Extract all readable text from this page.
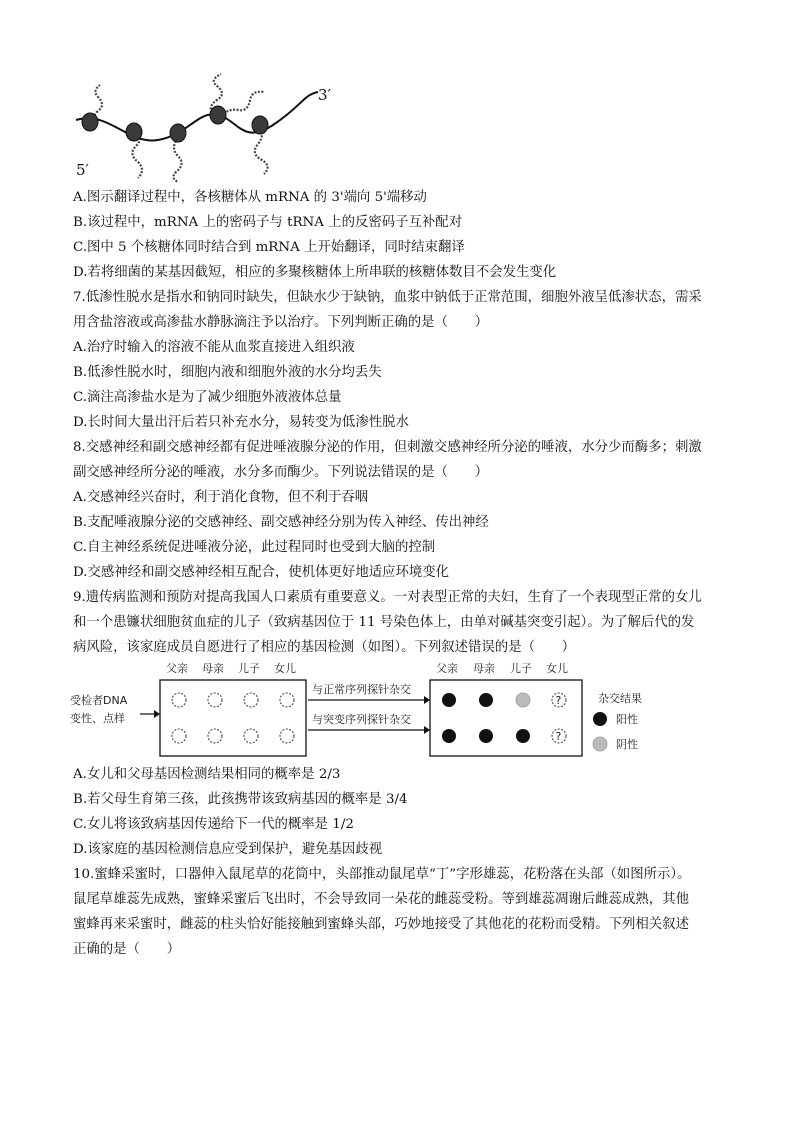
3′
5′
A.图示翻译过程中，各核糖体从 mRNA 的 3'端向 5'端移动
B.该过程中，mRNA 上的密码子与 tRNA 上的反密码子互补配对
C.图中 5 个核糖体同时结合到 mRNA 上开始翻译，同时结束翻译
D.若将细菌的某基因截短，相应的多聚核糖体上所串联的核糖体数目不会发生变化
7.低渗性脱水是指水和钠同时缺失，但缺水少于缺钠，血浆中钠低于正常范围，细胞外液呈低渗状态，需采
用含盐溶液或高渗盐水静脉滴注予以治疗。下列判断正确的是（　　）
A.治疗时输入的溶液不能从血浆直接进入组织液
B.低渗性脱水时，细胞内液和细胞外液的水分均丢失
C.滴注高渗盐水是为了减少细胞外液液体总量
D.长时间大量出汗后若只补充水分，易转变为低渗性脱水
8.交感神经和副交感神经都有促进唾液腺分泌的作用，但刺激交感神经所分泌的唾液，水分少而酶多；刺激
副交感神经所分泌的唾液，水分多而酶少。下列说法错误的是（　　）
A.交感神经兴奋时，利于消化食物，但不利于吞咽
B.支配唾液腺分泌的交感神经、副交感神经分别为传入神经、传出神经
C.自主神经系统促进唾液分泌，此过程同时也受到大脑的控制
D.交感神经和副交感神经相互配合，使机体更好地适应环境变化
9.遗传病监测和预防对提高我国人口素质有重要意义。一对表型正常的夫妇，生育了一个表现型正常的女儿
和一个患镰状细胞贫血症的儿子（致病基因位于 11 号染色体上，由单对碱基突变引起）。为了解后代的发
病风险，该家庭成员自愿进行了相应的基因检测（如图）。下列叙述错误的是（　　）
受检者DNA
变性、点样
父亲 母亲 儿子 女儿
与正常序列探针杂交
与突变序列探针杂交
父亲 母亲 儿子 女儿
?
?
杂交结果
阳性
阴性
A.女儿和父母基因检测结果相同的概率是 2/3
B.若父母生育第三孩，此孩携带该致病基因的概率是 3/4
C.女儿将该致病基因传递给下一代的概率是 1/2
D.该家庭的基因检测信息应受到保护，避免基因歧视
10.蜜蜂采蜜时，口器伸入鼠尾草的花筒中，头部推动鼠尾草“丁”字形雄蕊，花粉落在头部（如图所示）。
鼠尾草雄蕊先成熟，蜜蜂采蜜后飞出时，不会导致同一朵花的雌蕊受粉。等到雄蕊凋谢后雌蕊成熟，其他
蜜蜂再来采蜜时，雌蕊的柱头恰好能接触到蜜蜂头部，巧妙地接受了其他花的花粉而受精。下列相关叙述
正确的是（　　）
